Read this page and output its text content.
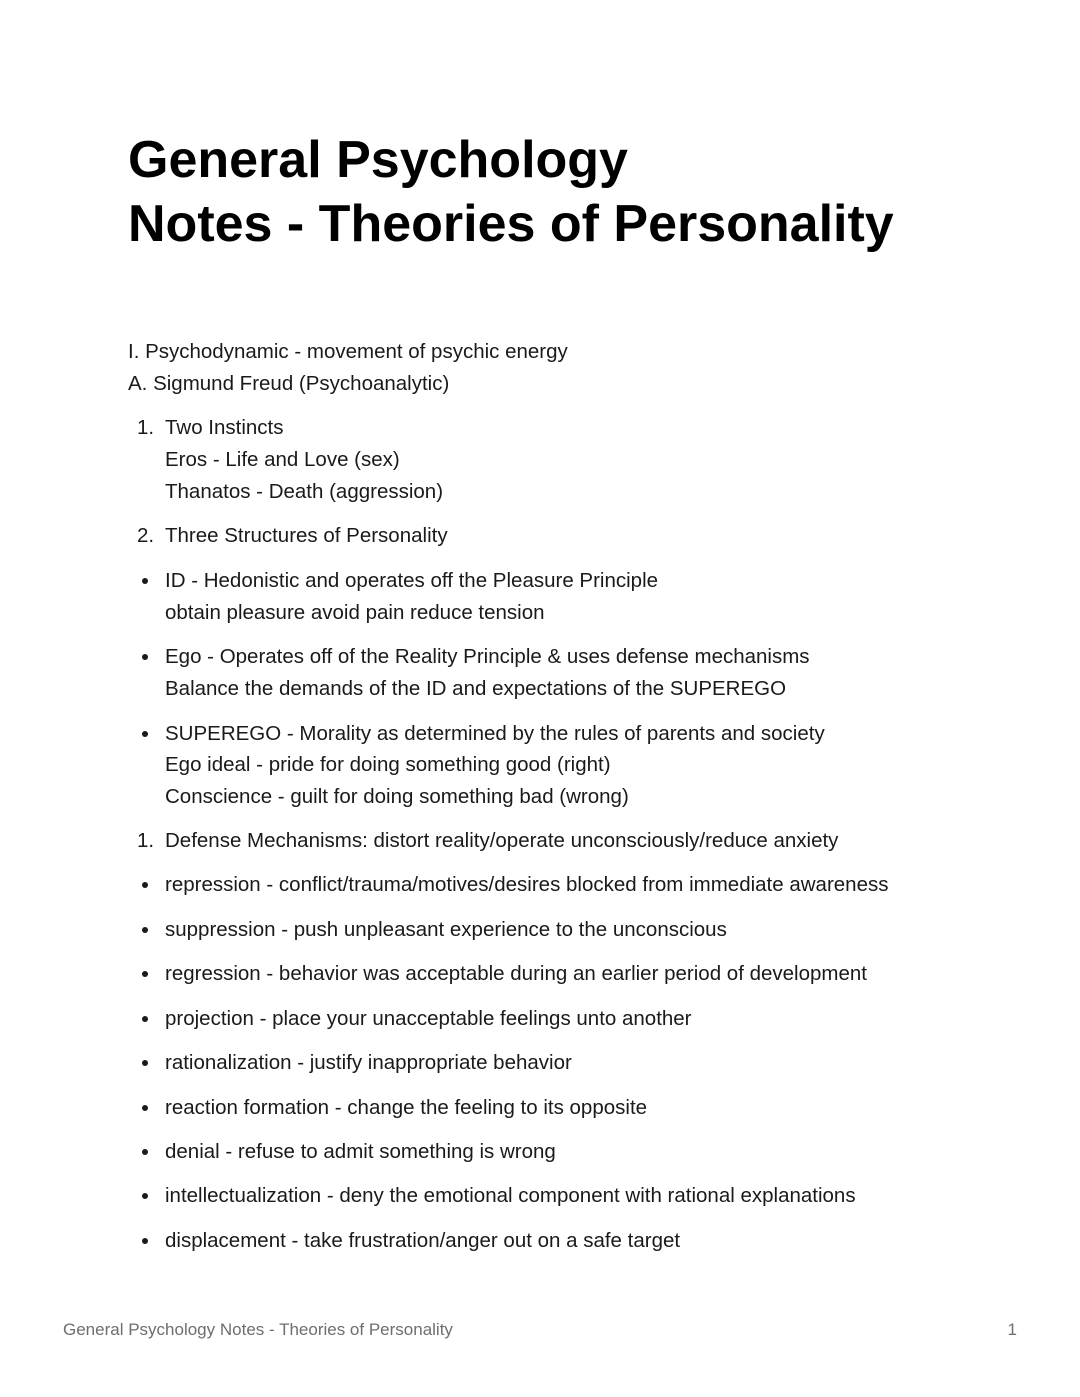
General Psychology
Notes - Theories of Personality
I. Psychodynamic - movement of psychic energy
A. Sigmund Freud (Psychoanalytic)
1. Two Instincts
Eros - Life and Love (sex)
Thanatos - Death (aggression)
2. Three Structures of Personality
ID - Hedonistic and operates off the Pleasure Principle
obtain pleasure avoid pain reduce tension
Ego - Operates off of the Reality Principle & uses defense mechanisms
Balance the demands of the ID and expectations of the SUPEREGO
SUPEREGO - Morality as determined by the rules of parents and society
Ego ideal - pride for doing something good (right)
Conscience - guilt for doing something bad (wrong)
1. Defense Mechanisms: distort reality/operate unconsciously/reduce anxiety
repression - conflict/trauma/motives/desires blocked from immediate awareness
suppression - push unpleasant experience to the unconscious
regression - behavior was acceptable during an earlier period of development
projection - place your unacceptable feelings unto another
rationalization - justify inappropriate behavior
reaction formation - change the feeling to its opposite
denial - refuse to admit something is wrong
intellectualization - deny the emotional component with rational explanations
displacement - take frustration/anger out on a safe target
General Psychology Notes - Theories of Personality	1
